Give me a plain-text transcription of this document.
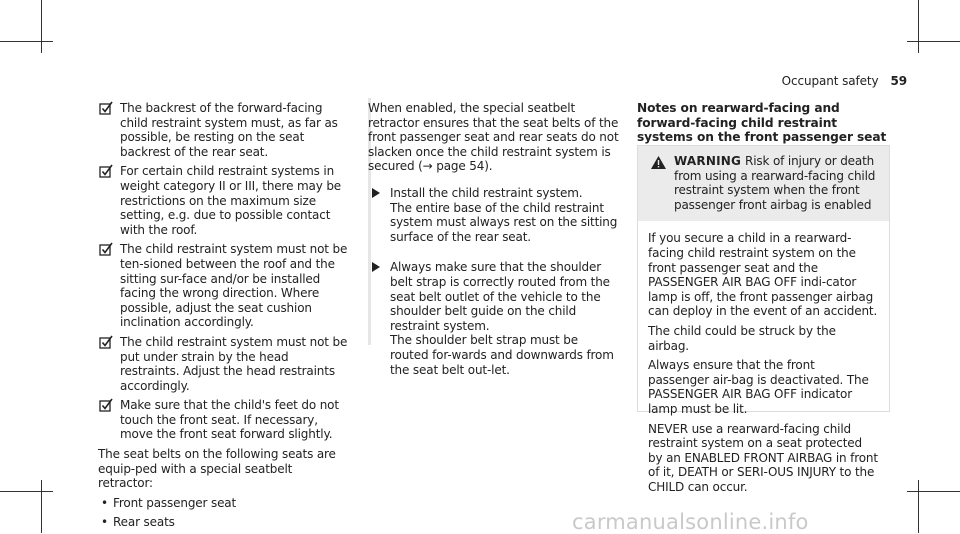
Occupant safety 59

The backrest of the forward-facing child restraint system must, as far as possible, be resting on the seat backrest of the rear seat.

For certain child restraint systems in weight category II or III, there may be restrictions on the maximum size setting, e.g. due to possible contact with the roof.

The child restraint system must not be ten-sioned between the roof and the sitting sur-face and/or be installed facing the wrong direction. Where possible, adjust the seat cushion inclination accordingly.

The child restraint system must not be put under strain by the head restraints. Adjust the head restraints accordingly.

Make sure that the child's feet do not touch the front seat. If necessary, move the front seat forward slightly.

The seat belts on the following seats are equip-ped with a special seatbelt retractor:

• Front passenger seat

• Rear seats

When enabled, the special seatbelt retractor ensures that the seat belts of the front passenger seat and rear seats do not slacken once the child restraint system is secured (→ page 54).

Install the child restraint system.
The entire base of the child restraint system must always rest on the sitting surface of the rear seat.

Always make sure that the shoulder belt strap is correctly routed from the seat belt outlet of the vehicle to the shoulder belt guide on the child restraint system.
The shoulder belt strap must be routed for-wards and downwards from the seat belt out-let.

Notes on rearward-facing and forward-facing child restraint systems on the front passenger seat

WARNING Risk of injury or death from using a rearward-facing child restraint system when the front passenger front airbag is enabled

If you secure a child in a rearward-facing child restraint system on the front passenger seat and the PASSENGER AIR BAG OFF indi-cator lamp is off, the front passenger airbag can deploy in the event of an accident.

The child could be struck by the airbag.

Always ensure that the front passenger air-bag is deactivated. The PASSENGER AIR BAG OFF indicator lamp must be lit.

NEVER use a rearward-facing child restraint system on a seat protected by an ENABLED FRONT AIRBAG in front of it, DEATH or SERI-OUS INJURY to the CHILD can occur.

carmanualsonline.info
